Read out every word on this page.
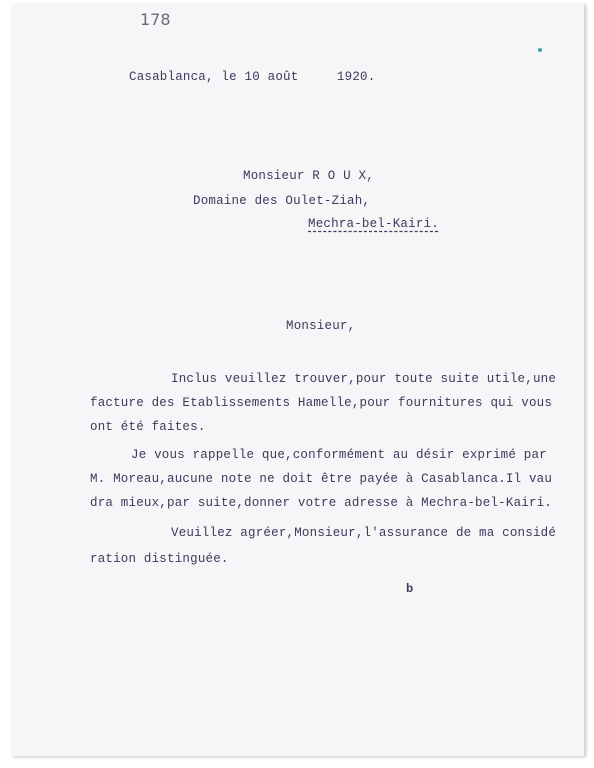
178
Casablanca, le 10 août     1920.
Monsieur R O U X,
Domaine des Oulet-Ziah,
Mechra-bel-Kairi.
Monsieur,
Inclus veuillez trouver,pour toute suite utile,une
facture des Etablissements Hamelle,pour fournitures qui vous
ont été faites.
Je vous rappelle que,conformément au désir exprimé par
M. Moreau,aucune note ne doit être payée à Casablanca.Il vau
dra mieux,par suite,donner votre adresse à Mechra-bel-Kairi.
Veuillez agréer,Monsieur,l'assurance de ma considé
ration distinguée.
b
